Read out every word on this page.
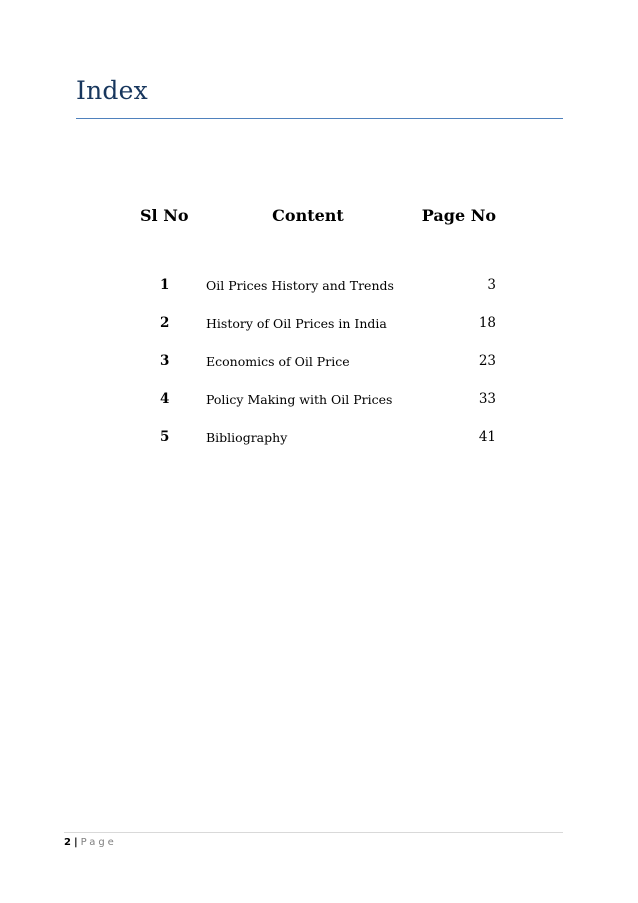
Index
Sl No	Content	Page No

1	Oil Prices History and Trends	3
2	History of Oil Prices in India	18
3	Economics of Oil Price	23
4	Policy Making with Oil Prices	33
5	Bibliography	41
2 | Page
